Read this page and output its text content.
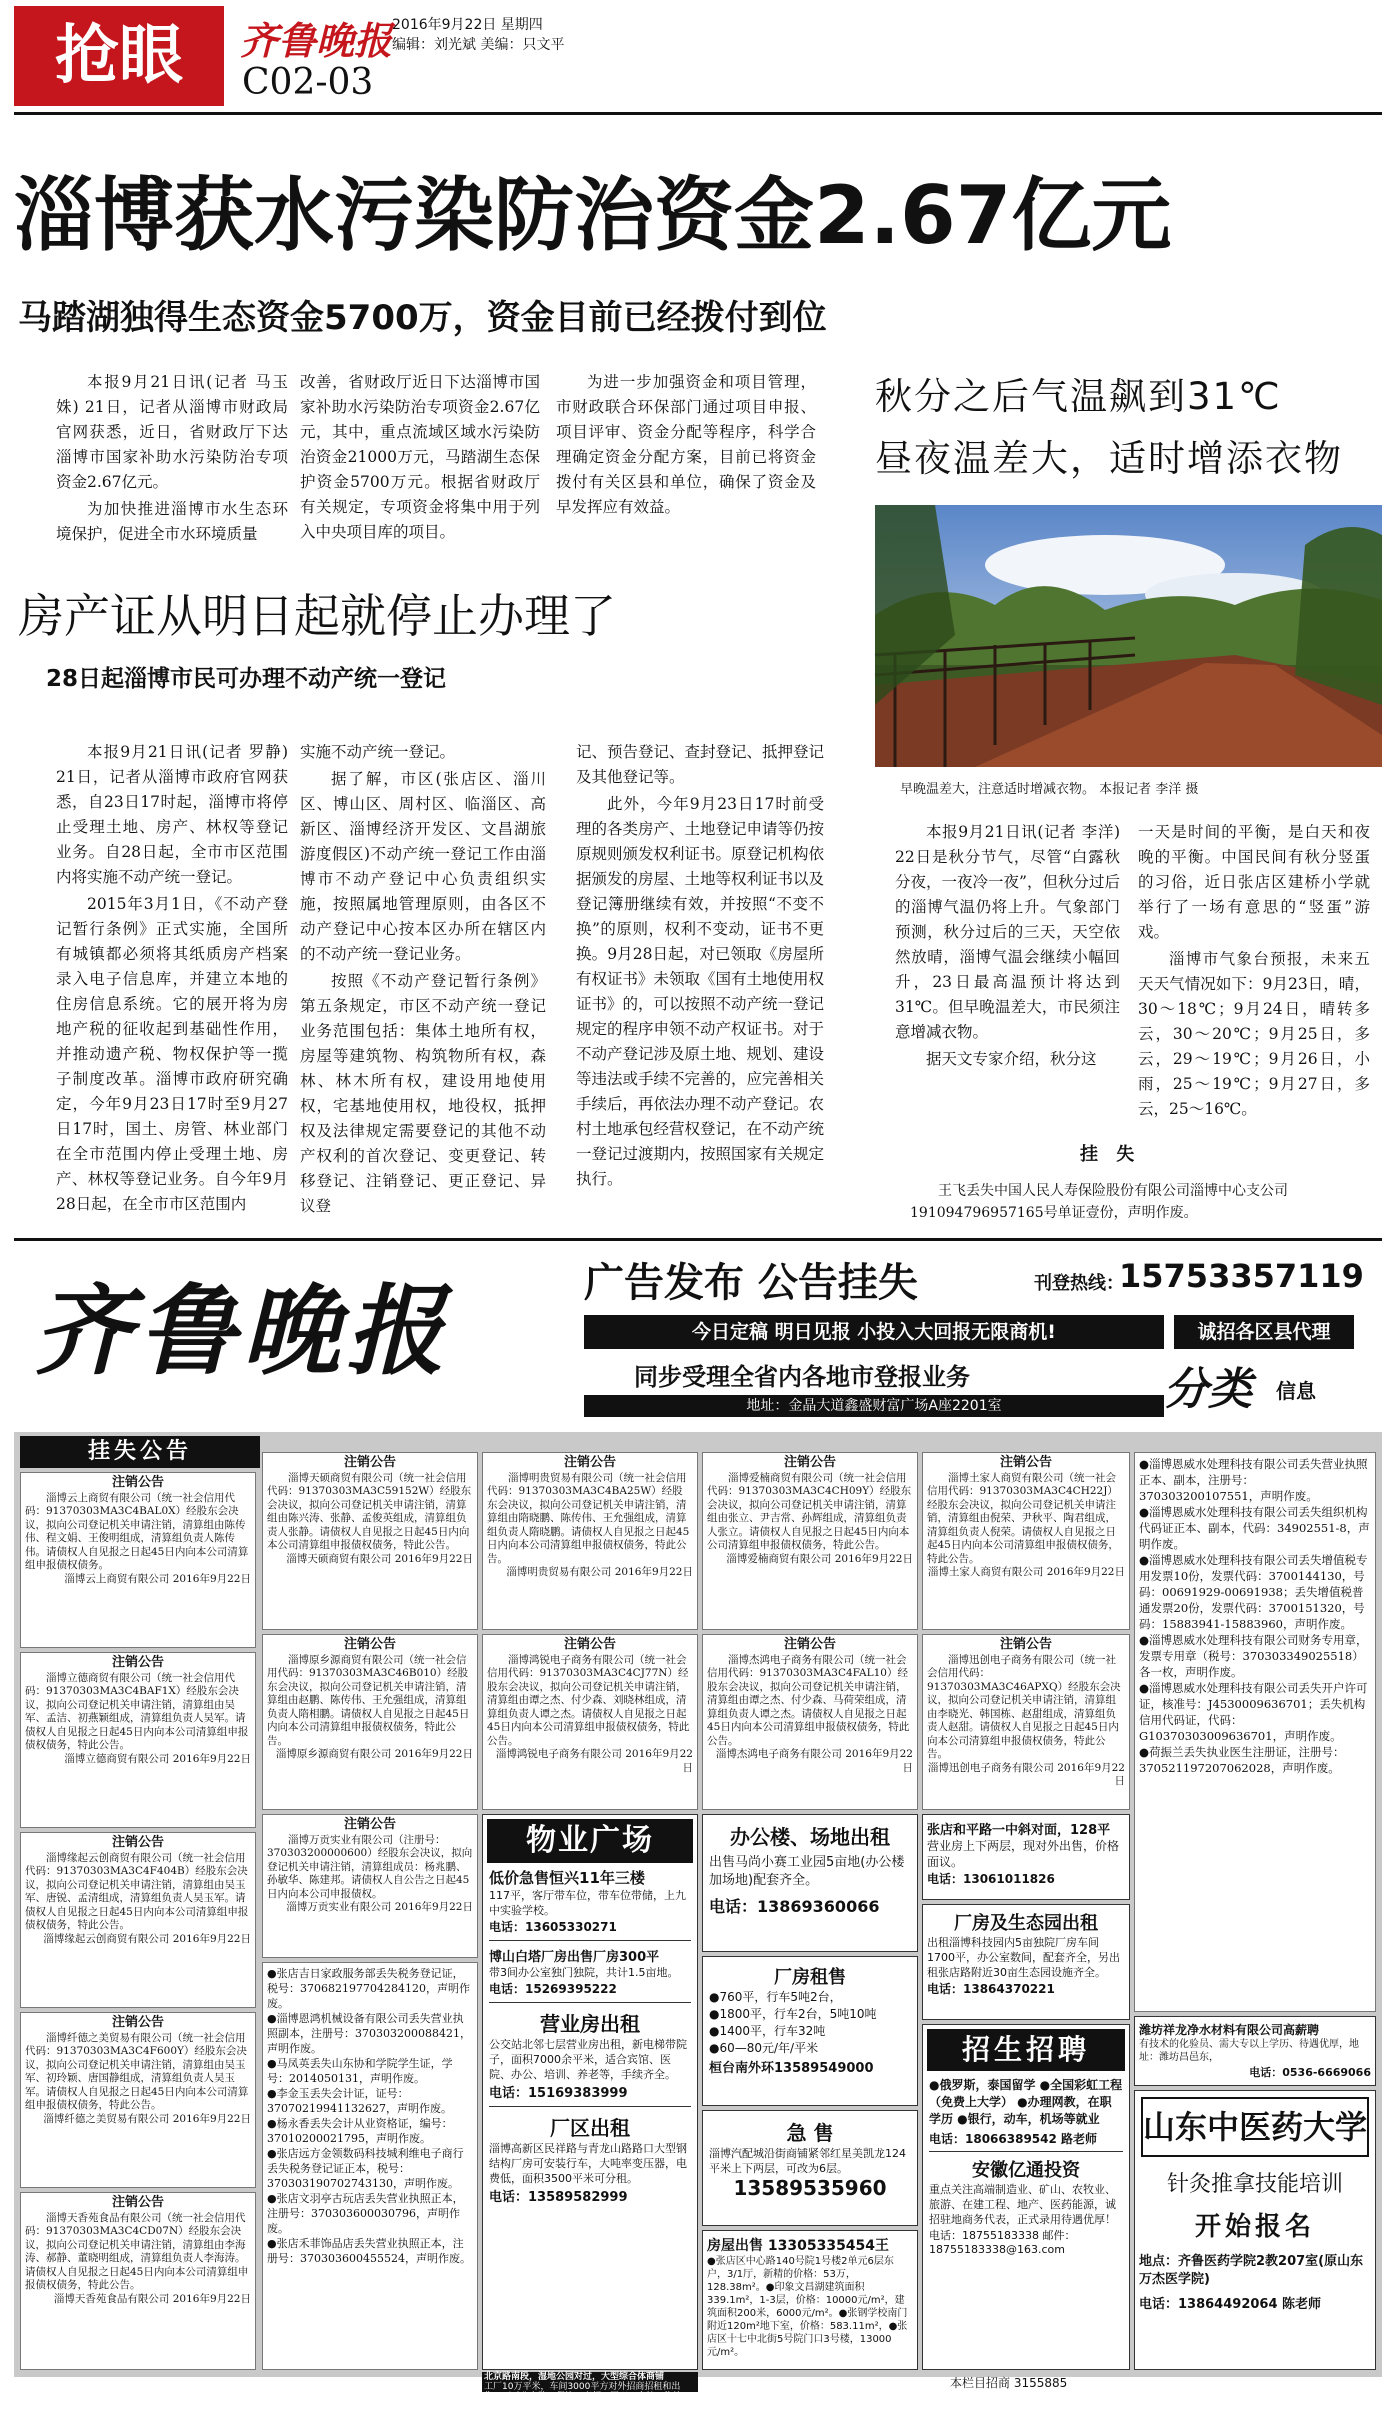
抢眼	齐鲁晚报 2016年9月22日 星期四
编辑：刘光斌 美编：只文平
C02-03
淄博获水污染防治资金2.67亿元
马踏湖独得生态资金5700万，资金目前已经拨付到位

本报9月21日讯(记者 马玉姝) 21日，记者从淄博市财政局官网获悉，近日，省财政厅下达淄博市国家补助水污染防治专项资金2.67亿元。

为加快推进淄博市水生态环境保护，促进全市水环境质量

改善，省财政厅近日下达淄博市国家补助水污染防治专项资金2.67亿元，其中，重点流域区域水污染防治资金21000万元，马踏湖生态保护资金5700万元。根据省财政厅有关规定，专项资金将集中用于列入中央项目库的项目。

为进一步加强资金和项目管理，市财政联合环保部门通过项目申报、项目评审、资金分配等程序，科学合理确定资金分配方案，目前已将资金拨付有关区县和单位，确保了资金及早发挥应有效益。

秋分之后气温飙到31℃
昼夜温差大，适时增添衣物
早晚温差大，注意适时增减衣物。 本报记者 李洋 摄

本报9月21日讯(记者 李洋) 22日是秋分节气，尽管“白露秋分夜，一夜冷一夜”，但秋分过后的淄博气温仍将上升。气象部门预测，秋分过后的三天，天空依然放晴，淄博气温会继续小幅回升，23日最高温预计将达到31℃。但早晚温差大，市民须注意增减衣物。

据天文专家介绍，秋分这

一天是时间的平衡，是白天和夜晚的平衡。中国民间有秋分竖蛋的习俗，近日张店区建桥小学就举行了一场有意思的“竖蛋”游戏。

淄博市气象台预报，未来五天天气情况如下：9月23日，晴，30～18℃；9月24日，晴转多云，30～20℃；9月25日，多云，29～19℃；9月26日，小雨，25～19℃；9月27日，多云，25～16℃。

房产证从明日起就停止办理了
28日起淄博市民可办理不动产统一登记

本报9月21日讯(记者 罗静) 21日，记者从淄博市政府官网获悉，自23日17时起，淄博市将停止受理土地、房产、林权等登记业务。自28日起，全市市区范围内将实施不动产统一登记。

2015年3月1日，《不动产登记暂行条例》正式实施，全国所有城镇都必须将其纸质房产档案录入电子信息库，并建立本地的住房信息系统。它的展开将为房地产税的征收起到基础性作用，并推动遗产税、物权保护等一揽子制度改革。淄博市政府研究确定，今年9月23日17时至9月27日17时，国土、房管、林业部门在全市范围内停止受理土地、房产、林权等登记业务。自今年9月28日起，在全市市区范围内

实施不动产统一登记。

据了解，市区(张店区、淄川区、博山区、周村区、临淄区、高新区、淄博经济开发区、文昌湖旅游度假区)不动产统一登记工作由淄博市不动产登记中心负责组织实施，按照属地管理原则，由各区不动产登记中心按本区办所在辖区内的不动产统一登记业务。

按照《不动产登记暂行条例》第五条规定，市区不动产统一登记业务范围包括：集体土地所有权，房屋等建筑物、构筑物所有权，森林、林木所有权，建设用地使用权，宅基地使用权，地役权，抵押权及法律规定需要登记的其他不动产权利的首次登记、变更登记、转移登记、注销登记、更正登记、异议登

记、预告登记、查封登记、抵押登记及其他登记等。

此外，今年9月23日17时前受理的各类房产、土地登记申请等仍按原规则颁发权利证书。原登记机构依据颁发的房屋、土地等权利证书以及登记簿册继续有效，并按照“不变不换”的原则，权利不变动，证书不更换。9月28日起，对已领取《房屋所有权证书》未领取《国有土地使用权证书》的，可以按照不动产统一登记规定的程序申领不动产权证书。对于不动产登记涉及原土地、规划、建设等违法或手续不完善的，应完善相关手续后，再依法办理不动产登记。农村土地承包经营权登记，在不动产统一登记过渡期内，按照国家有关规定执行。

挂 失
王飞丢失中国人民人寿保险股份有限公司淄博中心支公司191094796957165号单证壹份，声明作废。
齐鲁晚报	广告发布 公告挂失	刊登热线：
15753357119
今日定稿 明日见报 小投入大回报无限商机!	诚招各区县代理
同步受理全省内各地市登报业务	分类 信息
地址：金晶大道鑫盛财富广场A座2201室
挂失公告
注销公告
淄博云上商贸有限公司（统一社会信用代码：91370303MA3C4BAL0X）经股东会决议，拟向公司登记机关申请注销，清算组由陈传伟、程文娟、王俊明组成，清算组负责人陈传伟。请债权人自见报之日起45日内向本公司清算组申报债权债务。
淄博云上商贸有限公司 2016年9月22日
注销公告
淄博立德商贸有限公司（统一社会信用代码：91370303MA3C4BAF1X）经股东会决议，拟向公司登记机关申请注销，清算组由吴军、孟洁、初燕颖组成，清算组负责人吴军。请债权人自见报之日起45日内向本公司清算组申报债权债务，特此公告。
淄博立德商贸有限公司 2016年9月22日
注销公告
淄博缘起云创商贸有限公司（统一社会信用代码：91370303MA3C4F404B）经股东会决议，拟向公司登记机关申请注销，清算组由吴玉军、唐锐、孟清组成，清算组负责人吴玉军。请债权人自见报之日起45日内向本公司清算组申报债权债务，特此公告。
淄博缘起云创商贸有限公司 2016年9月22日
注销公告
淄博纤德之美贸易有限公司（统一社会信用代码：91370303MA3C4F600Y）经股东会决议，拟向公司登记机关申请注销，清算组由吴玉军、初玲颖、唐国静组成，清算组负责人吴玉军。请债权人自见报之日起45日内向本公司清算组申报债权债务，特此公告。
淄博纤德之美贸易有限公司 2016年9月22日
注销公告
淄博天香苑食品有限公司（统一社会信用代码：91370303MA3C4CD07N）经股东会决议，拟向公司登记机关申请注销，清算组由李海涛、郝静、董晓明组成，清算组负责人李海涛。请债权人自见报之日起45日内向本公司清算组申报债权债务，特此公告。
淄博天香苑食品有限公司 2016年9月22日
注销公告
淄博天硕商贸有限公司（统一社会信用代码：91370303MA3C59152W）经股东会决议，拟向公司登记机关申请注销，清算组由陈兴涛、张静、孟俊英组成，清算组负责人张静。请债权人自见报之日起45日内向本公司清算组申报债权债务，特此公告。
淄博天硕商贸有限公司 2016年9月22日
注销公告
淄博明贵贸易有限公司（统一社会信用代码：91370303MA3C4BA25W）经股东会决议，拟向公司登记机关申请注销，清算组由隋晓鹏、陈传伟、王允强组成，清算组负责人隋晓鹏。请债权人自见报之日起45日内向本公司清算组申报债权债务，特此公告。
淄博明贵贸易有限公司 2016年9月22日
注销公告
淄博爱楠商贸有限公司（统一社会信用代码：91370303MA3C4CH09Y）经股东会决议，拟向公司登记机关申请注销，清算组由张立、尹吉常、孙辉组成，清算组负责人张立。请债权人自见报之日起45日内向本公司清算组申报债权债务，特此公告。
淄博爱楠商贸有限公司 2016年9月22日
注销公告
淄博土家人商贸有限公司（统一社会信用代码：91370303MA3C4CH22J）经股东会决议，拟向公司登记机关申请注销，清算组由倪荣、尹秋平、陶君组成，清算组负责人倪荣。请债权人自见报之日起45日内向本公司清算组申报债权债务，特此公告。
淄博土家人商贸有限公司 2016年9月22日
注销公告
淄博原乡源商贸有限公司（统一社会信用代码：91370303MA3C46B010）经股东会决议，拟向公司登记机关申请注销，清算组由赵鹏、陈传伟、王允强组成，清算组负责人隋相鹏。请债权人自见报之日起45日内向本公司清算组申报债权债务，特此公告。
淄博原乡源商贸有限公司 2016年9月22日
注销公告
淄博鸿锐电子商务有限公司（统一社会信用代码：91370303MA3C4CJ77N）经股东会决议，拟向公司登记机关申请注销，清算组由谭之杰、付少森、刘晓林组成，清算组负责人谭之杰。请债权人自见报之日起45日内向本公司清算组申报债权债务，特此公告。
淄博鸿锐电子商务有限公司 2016年9月22日
注销公告
淄博杰鸿电子商务有限公司（统一社会信用代码：91370303MA3C4FAL10）经股东会决议，拟向公司登记机关申请注销，清算组由谭之杰、付少森、马荷荣组成，清算组负责人谭之杰。请债权人自见报之日起45日内向本公司清算组申报债权债务，特此公告。
淄博杰鸿电子商务有限公司 2016年9月22日
注销公告
淄博迅创电子商务有限公司（统一社会信用代码：91370303MA3C46APXQ）经股东会决议，拟向公司登记机关申请注销，清算组由李晓光、韩国栋、赵甜组成，清算组负责人赵甜。请债权人自见报之日起45日内向本公司清算组申报债权债务，特此公告。
淄博迅创电子商务有限公司 2016年9月22日
注销公告
淄博万贡实业有限公司（注册号：370303200000600）经股东会决议，拟向登记机关申请注销，清算组成员：杨兆鹏、孙敏华、陈建邦。请债权人自公告之日起45日内向本公司申报债权。
淄博万贡实业有限公司 2016年9月22日
●张店吉日家政服务部丢失税务登记证，税号：370682197704284120，声明作废。
●淄博恩鸿机械设备有限公司丢失营业执照副本，注册号：370303200088421，声明作废。
●马凤英丢失山东协和学院学生证，学号：2014050131，声明作废。
●李金玉丢失会计证，证号：37070219941132627，声明作废。
●杨永香丢失会计从业资格证，编号：37010200021795，声明作废。
●张店远方金领数码科技城利维电子商行丢失税务登记证正本，税号：370303190702743130，声明作废。
●张店文羽亭古玩店丢失营业执照正本，注册号：370303600030796，声明作废。
●张店禾菲饰品店丢失营业执照正本，注册号：370303600455524，声明作废。
物业广场
低价急售恒兴11年三楼
117平，客厅带车位，带车位带储，上九中实验学校。
电话：13605330271
博山白塔厂房出售厂房300平
带3间办公室独门独院，共计1.5亩地。
电话：15269395222
营业房出租
公交站北邻七层营业房出租，新电梯带院子，面积7000余平米，适合宾馆、医院、办公、培训、养老等，手续齐全。
电话：15169383999
厂区出租
淄博高新区民祥路与青龙山路路口大型钢结构厂房可安装行车，大吨率变压器，电费低，面积3500平米可分租。
电话：13589582999
办公楼、场地出租
出售马尚小赛工业园5亩地(办公楼加场地)配套齐全。
电话：13869360066
厂房租售
●760平，行车5吨2台，
●1800平，行车2台，5吨10吨
●1400平，行车32吨
●60—80元/年/平米
桓台南外环13589549000
急 售
淄博汽配城沿街商铺紧邻红星美凯龙124平米上下两层，可改为6层。
13589535960
房屋出售 13305335454王
●张店区中心路140号院1号楼2单元6层东户，3/1厅，新精的价格：53万，128.38m²。●印象文昌湖建筑面积339.1m²，1-3层，价格：10000元/m²，建筑面积200米，6000元/m²。●张钢学校南门附近120m²地下室，价格：583.11m²，●张店区十七中北街5号院门口3号楼，13000元/m²。
张店和平路一中斜对面，128平
营业房上下两层，现对外出售，价格面议。
电话：13061011826
厂房及生态园出租
出租淄博科技园内5亩独院厂房车间1700平，办公室数间，配套齐全，另出租张店路附近30亩生态园设施齐全。
电话：13864370221
招生招聘
●俄罗斯，泰国留学 ●全国彩虹工程（免费上大学） ●办理网教，在职学历 ●银行，动车，机场等就业
电话：18066389542 路老师
安徽亿通投资
重点关注高端制造业、矿山、农牧业、旅游、在建工程、地产、医药能源，诚招驻地商务代表，正式录用待遇优厚！
电话：18755183338 邮件：18755183338@163.com
●淄博恩威水处理科技有限公司丢失营业执照正本、副本，注册号：370303200107551，声明作废。
●淄博恩威水处理科技有限公司丢失组织机构代码证正本、副本，代码：34902551-8，声明作废。
●淄博恩威水处理科技有限公司丢失增值税专用发票10份，发票代码：3700144130，号码：00691929-00691938；丢失增值税普通发票20份，发票代码：3700151320，号码：15883941-15883960，声明作废。
●淄博恩威水处理科技有限公司财务专用章，发票专用章（税号：370303349025518）各一枚，声明作废。
●淄博恩威水处理科技有限公司丢失开户许可证，核准号：J4530009636701；丢失机构信用代码证，代码：G10370303009636701，声明作废。
●荷振兰丢失执业医生注册证，注册号：370521197207062028，声明作废。
潍坊祥龙净水材料有限公司高薪聘
有技术的化验员、需大专以上学历、待遇优厚，地址：潍坊昌邑东，
电话：0536-6669066
山东中医药大学
针灸推拿技能培训
开始报名
地点：齐鲁医药学院2教207室(原山东万杰医学院)
电话：13864492064 陈老师
北京路南段，湿地公园对过，大型综合体商铺
工厂10万平米，车间3000平方对外招商招租和出售，面对北京路、餐饮、商超、网吧、仓储、物流 13011630336
本栏目招商 3155885
